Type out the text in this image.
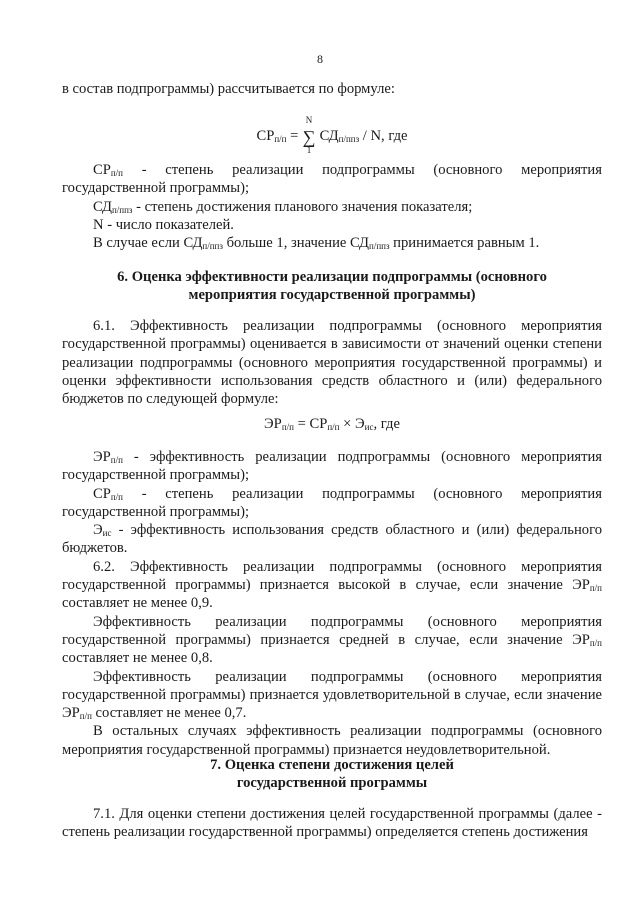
8

в состав подпрограммы) рассчитывается по формуле:

$СР_{п/п}$ =
N
∑
1
$СД_{п/ппз}$ / N, где

$СР_{п/п}$ - степень реализации подпрограммы (основного мероприятия

государственной программы);

$СД_{п/ппз}$ - степень достижения планового значения показателя;

N - число показателей.

В случае если $СД_{п/ппз}$ больше 1, значение $СД_{п/ппз}$ принимается равным 1.

6. Оценка эффективности реализации подпрограммы (основного

мероприятия государственной программы)

6.1. Эффективность реализации подпрограммы (основного мероприятия государственной программы) оценивается в зависимости от значений оценки степени реализации подпрограммы (основного мероприятия государственной программы) и оценки эффективности использования средств областного и (или) федерального бюджетов по следующей формуле:

$ЭР_{п/п} = СР_{п/п} \times Э_{ис}$, где

$ЭР_{п/п}$ - эффективность реализации подпрограммы (основного мероприятия государственной программы);

$СР_{п/п}$ - степень реализации подпрограммы (основного мероприятия

государственной программы);

$Э_{ис}$ - эффективность использования средств областного и (или) федерального бюджетов.

6.2. Эффективность реализации подпрограммы (основного мероприятия государственной программы) признается высокой в случае, если значение $ЭР_{п/п}$ составляет не менее 0,9.

Эффективность реализации подпрограммы (основного мероприятия государственной программы) признается средней в случае, если значение $ЭР_{п/п}$ составляет не менее 0,8.

Эффективность реализации подпрограммы (основного мероприятия государственной программы) признается удовлетворительной в случае, если значение $ЭР_{п/п}$ составляет не менее 0,7.

В остальных случаях эффективность реализации подпрограммы (основного мероприятия государственной программы) признается неудовлетворительной.

7. Оценка степени достижения целей

государственной программы

7.1. Для оценки степени достижения целей государственной программы (далее - степень реализации государственной программы) определяется степень достижения
